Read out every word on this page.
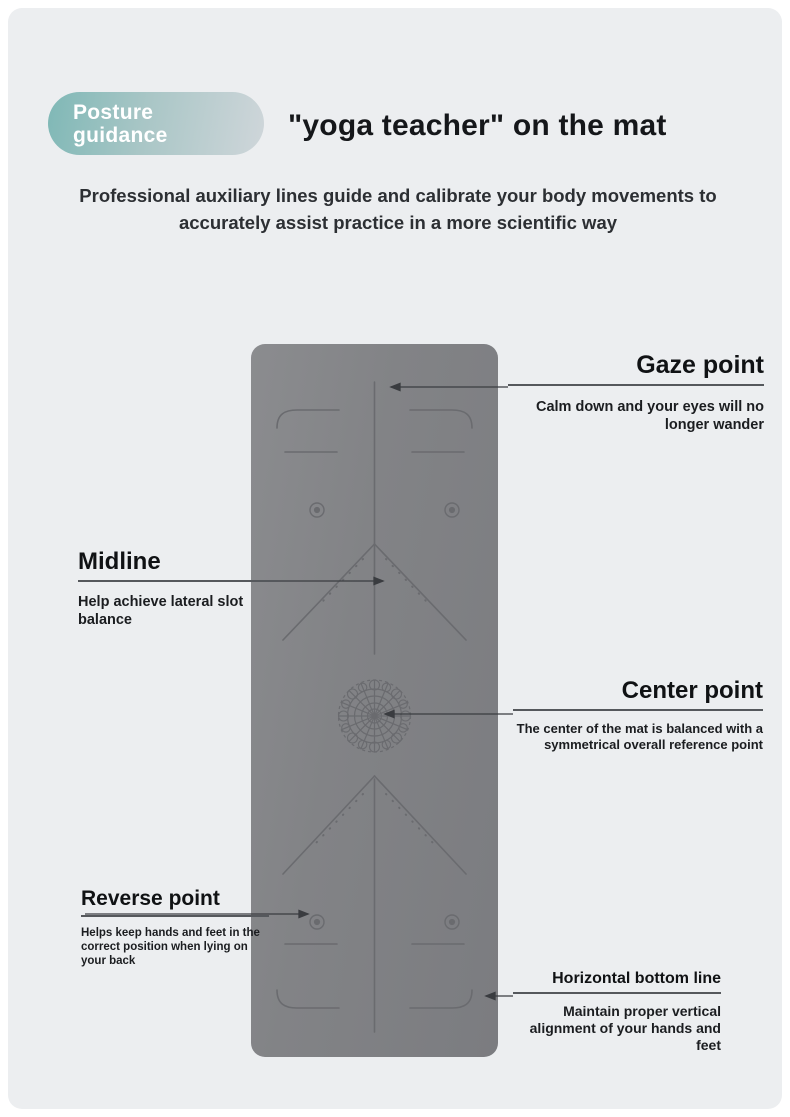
Posture
guidance	"yoga teacher" on the mat
Professional auxiliary lines guide and calibrate your body movements to accurately assist practice in a more scientific way
Gaze point
Calm down and your eyes will no longer wander
Midline
Help achieve lateral slot balance
Center point
The center of the mat is balanced with a symmetrical overall reference point
Reverse point
Helps keep hands and feet in the correct position when lying on your back
Horizontal bottom line
Maintain proper vertical alignment of your hands and feet
